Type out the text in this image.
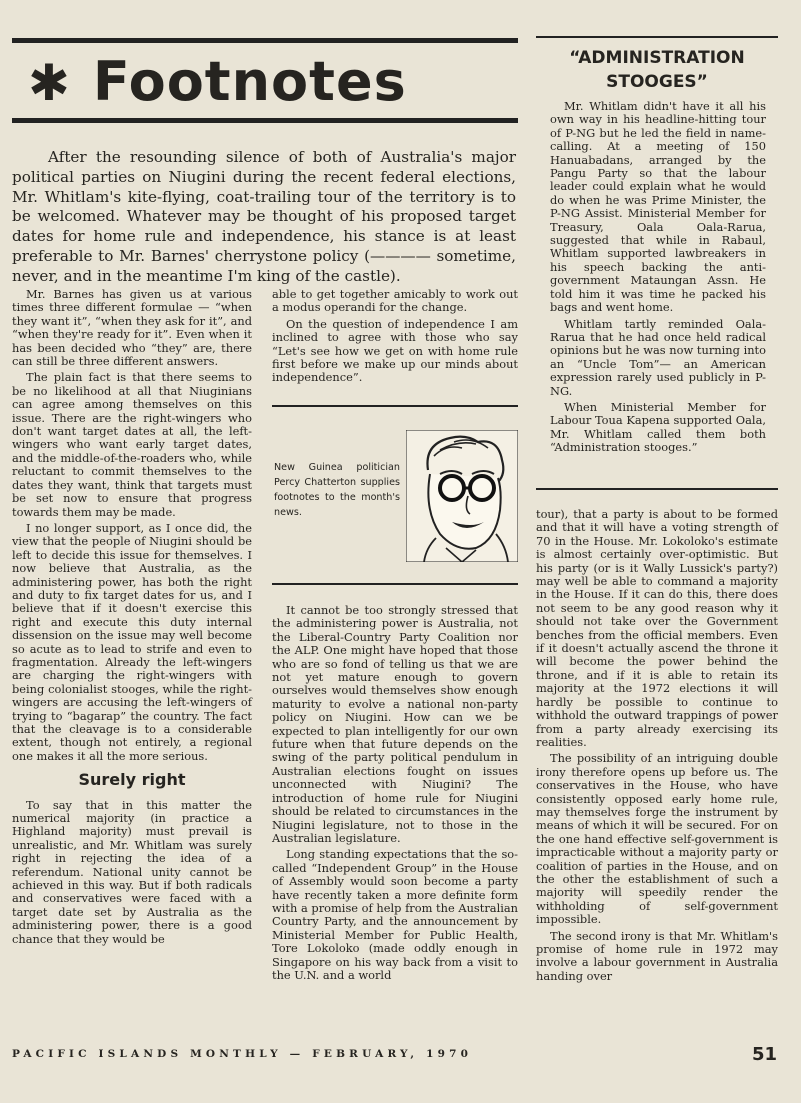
✱ Footnotes
After the resounding silence of both of Australia's major political parties on Niugini during the recent federal elections, Mr. Whitlam's kite-flying, coat-trailing tour of the territory is to be welcomed. Whatever may be thought of his proposed target dates for home rule and independence, his stance is at least preferable to Mr. Barnes' cherrystone policy (———— sometime, never, and in the meantime I'm king of the castle).

Mr. Barnes has given us at various times three different formulae — “when they want it”, “when they ask for it”, and “when they're ready for it”. Even when it has been decided who “they” are, there can still be three different answers.

The plain fact is that there seems to be no likelihood at all that Niuginians can agree among themselves on this issue. There are the right-wingers who don't want target dates at all, the left-wingers who want early target dates, and the middle-of-the-roaders who, while reluctant to commit themselves to the dates they want, think that targets must be set now to ensure that progress towards them may be made.

I no longer support, as I once did, the view that the people of Niugini should be left to decide this issue for themselves. I now believe that Australia, as the administering power, has both the right and duty to fix target dates for us, and I believe that if it doesn't exercise this right and execute this duty internal dissension on the issue may well become so acute as to lead to strife and even to fragmentation. Already the left-wingers are charging the right-wingers with being colonialist stooges, while the right-wingers are accusing the left-wingers of trying to “bagarap” the country. The fact that the cleavage is to a considerable extent, though not entirely, a regional one makes it all the more serious.

Surely right

To say that in this matter the numerical majority (in practice a Highland majority) must prevail is unrealistic, and Mr. Whitlam was surely right in rejecting the idea of a referendum. National unity cannot be achieved in this way. But if both radicals and conservatives were faced with a target date set by Australia as the administering power, there is a good chance that they would be

able to get together amicably to work out a modus operandi for the change.

On the question of independence I am inclined to agree with those who say “Let's see how we get on with home rule first before we make up our minds about independence”.

New Guinea politician Percy Chatterton supplies footnotes to the month's news.

It cannot be too strongly stressed that the administering power is Australia, not the Liberal-Country Party Coalition nor the ALP. One might have hoped that those who are so fond of telling us that we are not yet mature enough to govern ourselves would themselves show enough maturity to evolve a national non-party policy on Niugini. How can we be expected to plan intelligently for our own future when that future depends on the swing of the party political pendulum in Australian elections fought on issues unconnected with Niugini? The introduction of home rule for Niugini should be related to circumstances in the Niugini legislature, not to those in the Australian legislature.

Long standing expectations that the so-called “Independent Group” in the House of Assembly would soon become a party have recently taken a more definite form with a promise of help from the Australian Country Party, and the announcement by Ministerial Member for Public Health, Tore Lokoloko (made oddly enough in Singapore on his way back from a visit to the U.N. and a world

“ADMINISTRATION STOOGES”

Mr. Whitlam didn't have it all his own way in his headline-hitting tour of P-NG but he led the field in name-calling. At a meeting of 150 Hanuabadans, arranged by the Pangu Party so that the labour leader could explain what he would do when he was Prime Minister, the P-NG Assist. Ministerial Member for Treasury, Oala Oala-Rarua, suggested that while in Rabaul, Whitlam supported lawbreakers in his speech backing the anti-government Mataungan Assn. He told him it was time he packed his bags and went home.

Whitlam tartly reminded Oala-Rarua that he had once held radical opinions but he was now turning into an “Uncle Tom”— an American expression rarely used publicly in P-NG.

When Ministerial Member for Labour Toua Kapena supported Oala, Mr. Whitlam called them both “Administration stooges.”

tour), that a party is about to be formed and that it will have a voting strength of 70 in the House. Mr. Lokoloko's estimate is almost certainly over-optimistic. But his party (or is it Wally Lussick's party?) may well be able to command a majority in the House. If it can do this, there does not seem to be any good reason why it should not take over the Government benches from the official members. Even if it doesn't actually ascend the throne it will become the power behind the throne, and if it is able to retain its majority at the 1972 elections it will hardly be possible to continue to withhold the outward trappings of power from a party already exercising its realities.

The possibility of an intriguing double irony therefore opens up before us. The conservatives in the House, who have consistently opposed early home rule, may themselves forge the instrument by means of which it will be secured. For on the one hand effective self-government is impracticable without a majority party or coalition of parties in the House, and on the other the establishment of such a majority will speedily render the withholding of self-government impossible.

The second irony is that Mr. Whitlam's promise of home rule in 1972 may involve a labour government in Australia handing over

PACIFIC ISLANDS MONTHLY — FEBRUARY, 1970	51
